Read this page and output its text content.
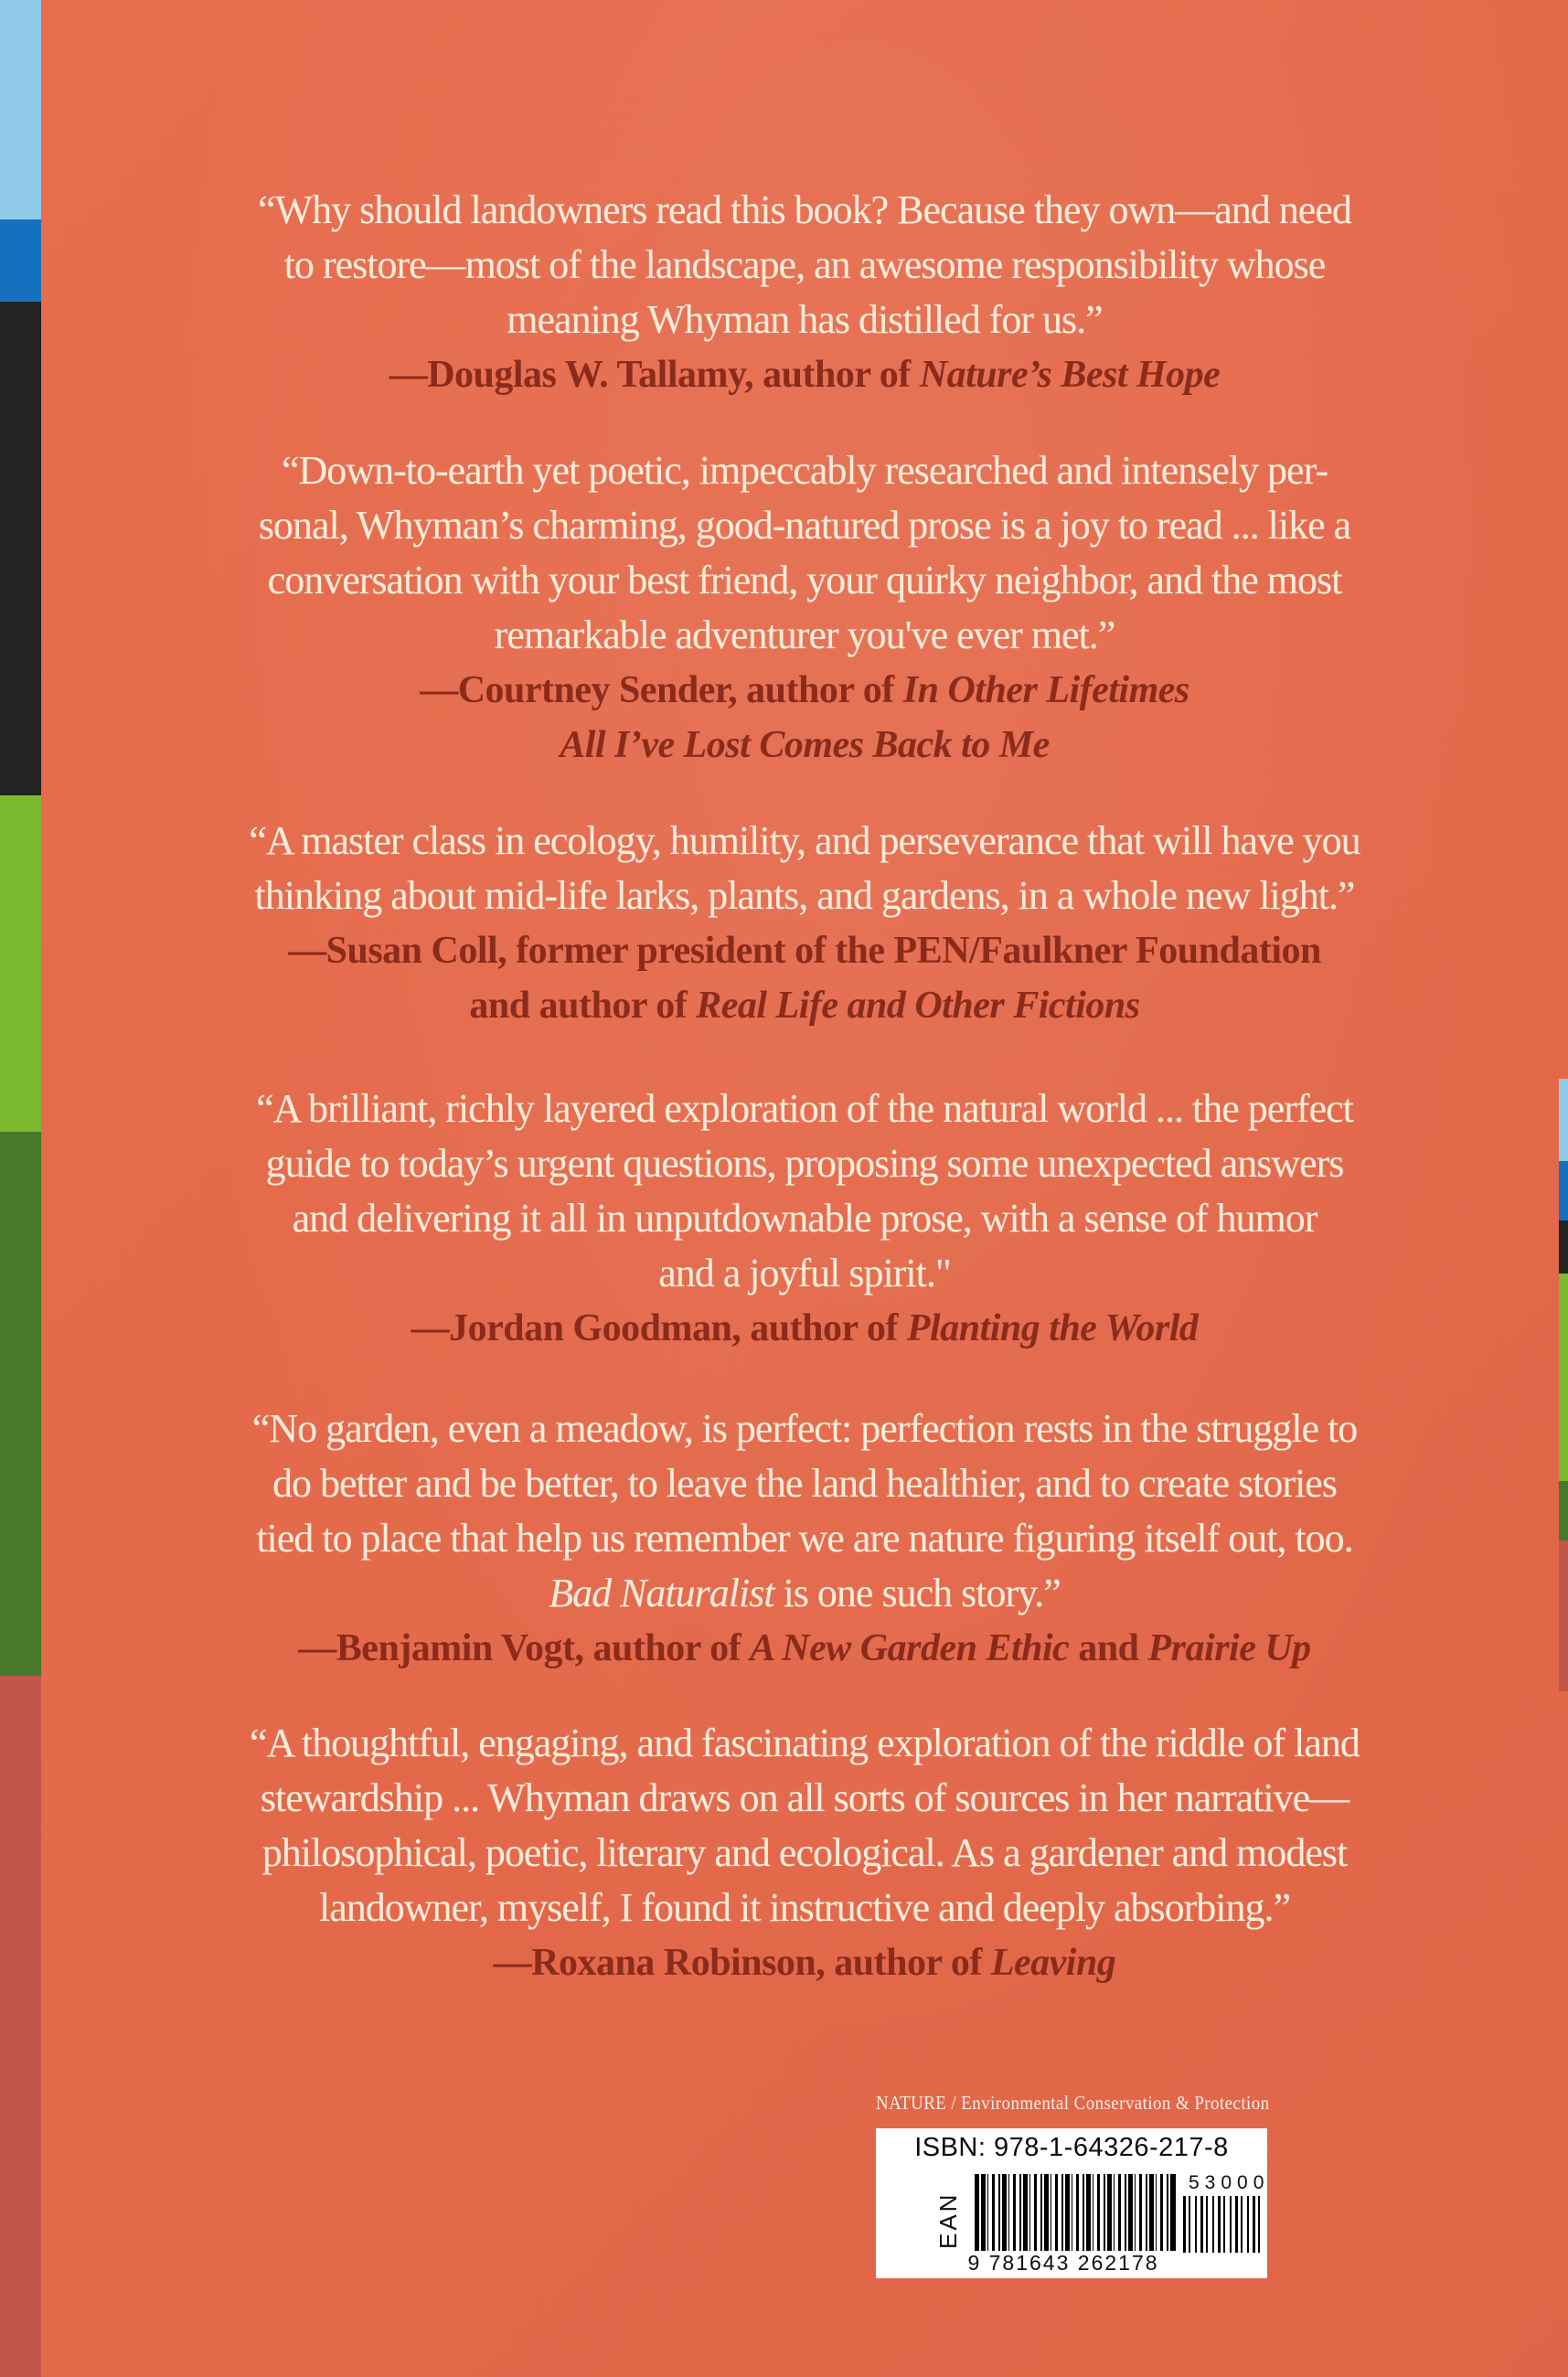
“Why should landowners read this book? Because they own—and need
to restore—most of the landscape, an awesome responsibility whose
meaning Whyman has distilled for us.”
—Douglas W. Tallamy, author of Nature’s Best Hope
“Down-to-earth yet poetic, impeccably researched and intensely per-
sonal, Whyman’s charming, good-natured prose is a joy to read ... like a
conversation with your best friend, your quirky neighbor, and the most
remarkable adventurer you've ever met.”
—Courtney Sender, author of In Other Lifetimes
All I’ve Lost Comes Back to Me
“A master class in ecology, humility, and perseverance that will have you
thinking about mid-life larks, plants, and gardens, in a whole new light.”
—Susan Coll, former president of the PEN/Faulkner Foundation
and author of Real Life and Other Fictions
“A brilliant, richly layered exploration of the natural world ... the perfect
guide to today’s urgent questions, proposing some unexpected answers
and delivering it all in unputdownable prose, with a sense of humor
and a joyful spirit."
—Jordan Goodman, author of Planting the World
“No garden, even a meadow, is perfect: perfection rests in the struggle to
do better and be better, to leave the land healthier, and to create stories
tied to place that help us remember we are nature figuring itself out, too.
Bad Naturalist is one such story.”
—Benjamin Vogt, author of A New Garden Ethic and Prairie Up
“A thoughtful, engaging, and fascinating exploration of the riddle of land
stewardship ... Whyman draws on all sorts of sources in her narrative—
philosophical, poetic, literary and ecological. As a gardener and modest
landowner, myself, I found it instructive and deeply absorbing.”
—Roxana Robinson, author of Leaving
NATURE / Environmental Conservation & Protection
ISBN: 978-1-64326-217-8
EAN
9 781643 262178
53000
